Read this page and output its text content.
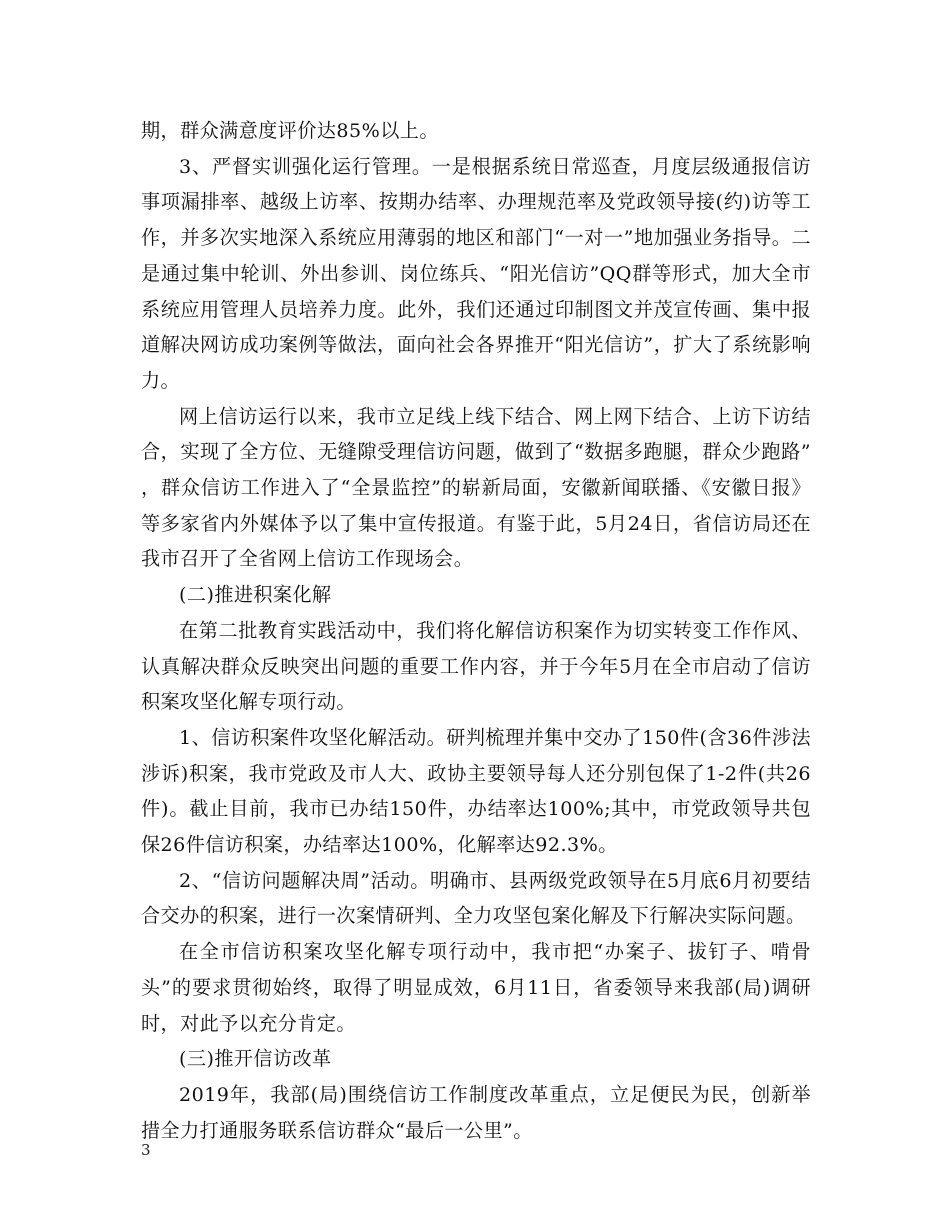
期，群众满意度评价达85%以上。

3、严督实训强化运行管理。一是根据系统日常巡查，月度层级通报信访事项漏排率、越级上访率、按期办结率、办理规范率及党政领导接(约)访等工作，并多次实地深入系统应用薄弱的地区和部门“一对一”地加强业务指导。二是通过集中轮训、外出参训、岗位练兵、“阳光信访”QQ群等形式，加大全市系统应用管理人员培养力度。此外，我们还通过印制图文并茂宣传画、集中报道解决网访成功案例等做法，面向社会各界推开“阳光信访”，扩大了系统影响力。

网上信访运行以来，我市立足线上线下结合、网上网下结合、上访下访结合，实现了全方位、无缝隙受理信访问题，做到了“数据多跑腿，群众少跑路” ，群众信访工作进入了“全景监控”的崭新局面，安徽新闻联播、《安徽日报》等多家省内外媒体予以了集中宣传报道。有鉴于此，5月24日，省信访局还在我市召开了全省网上信访工作现场会。

(二)推进积案化解

在第二批教育实践活动中，我们将化解信访积案作为切实转变工作作风、认真解决群众反映突出问题的重要工作内容，并于今年5月在全市启动了信访积案攻坚化解专项行动。

1、信访积案件攻坚化解活动。研判梳理并集中交办了150件(含36件涉法涉诉)积案，我市党政及市人大、政协主要领导每人还分别包保了1-2件(共26件)。截止目前，我市已办结150件，办结率达100%;其中，市党政领导共包保26件信访积案，办结率达100%，化解率达92.3%。

2、“信访问题解决周”活动。明确市、县两级党政领导在5月底6月初要结合交办的积案，进行一次案情研判、全力攻坚包案化解及下行解决实际问题。

在全市信访积案攻坚化解专项行动中，我市把“办案子、拔钉子、啃骨头”的要求贯彻始终，取得了明显成效，6月11日，省委领导来我部(局)调研时，对此予以充分肯定。

(三)推开信访改革

2019年，我部(局)围绕信访工作制度改革重点，立足便民为民，创新举措全力打通服务联系信访群众“最后一公里”。

3
